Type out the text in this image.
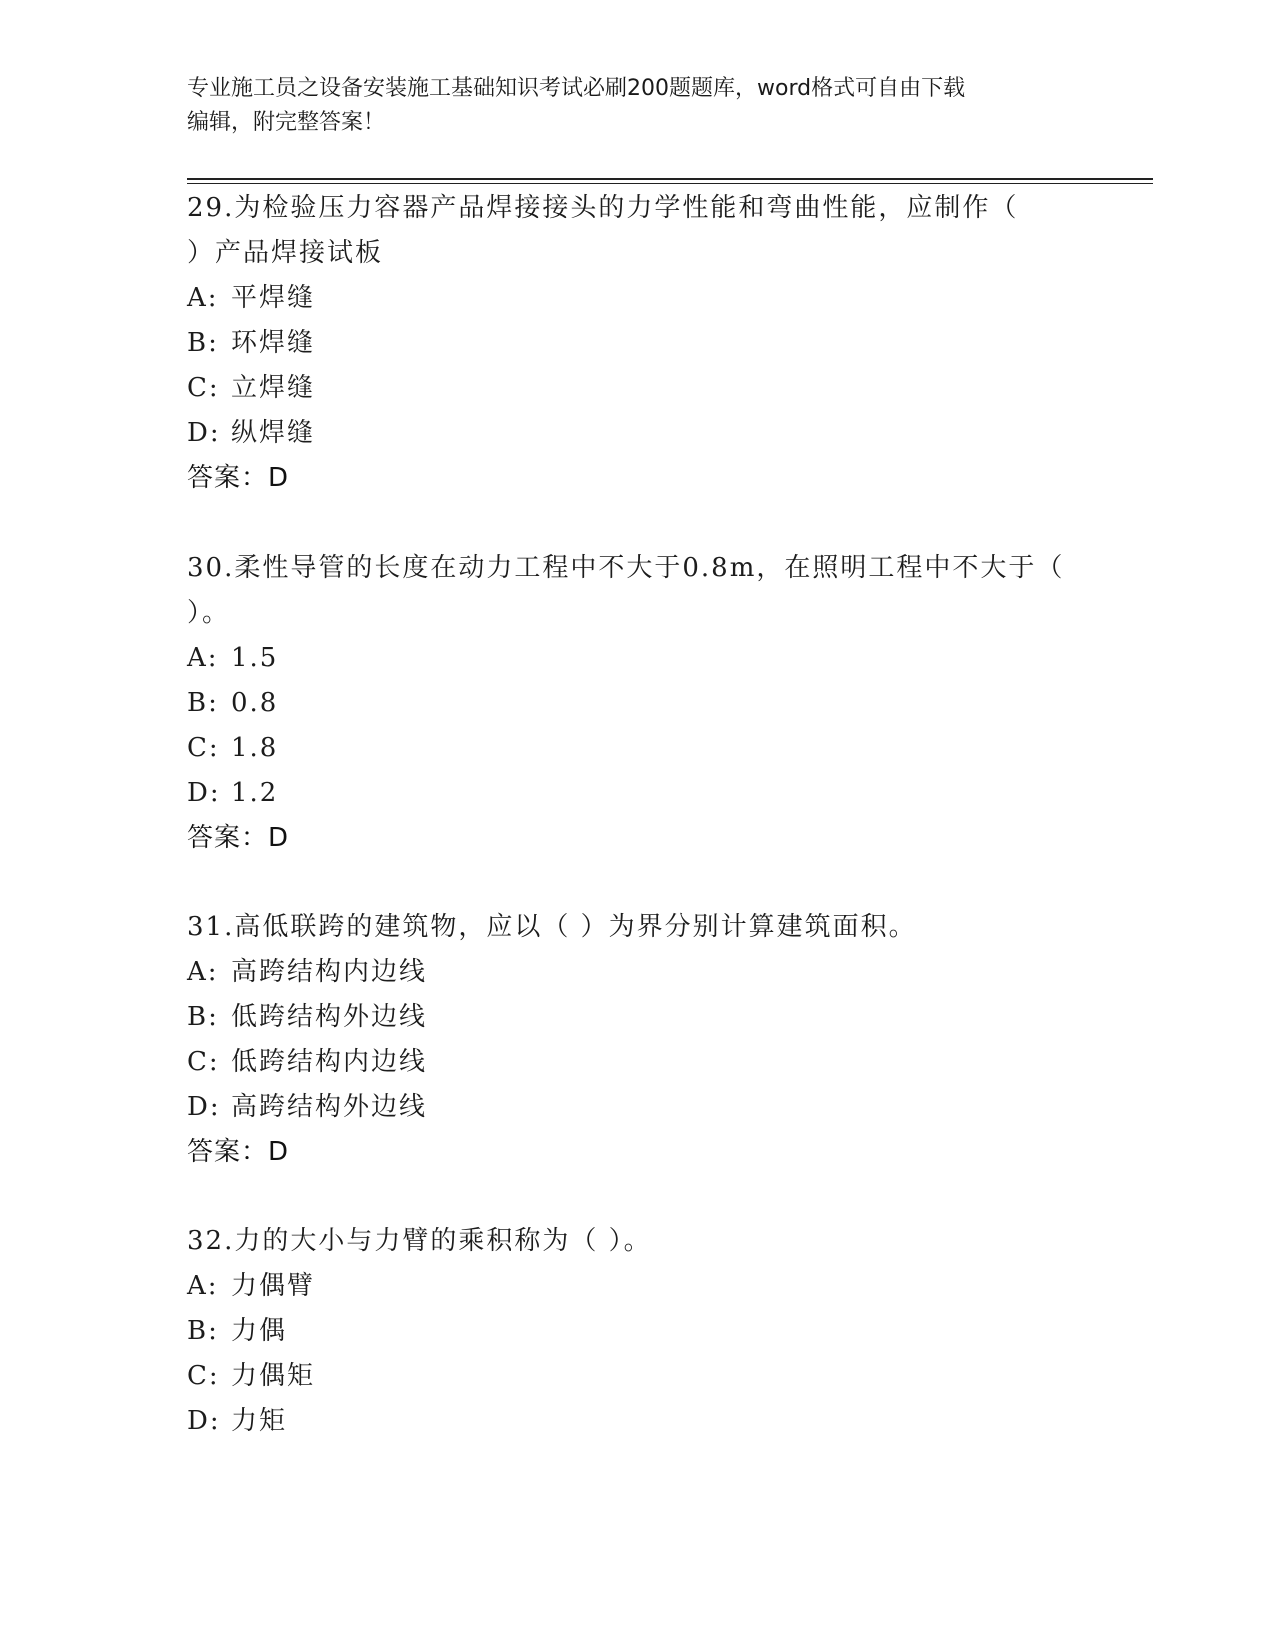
专业施工员之设备安装施工基础知识考试必刷200题题库，word格式可自由下载
编辑，附完整答案！
29.为检验压力容器产品焊接接头的力学性能和弯曲性能，应制作（
）产品焊接试板
A: 平焊缝
B: 环焊缝
C: 立焊缝
D: 纵焊缝
答案：D
30.柔性导管的长度在动力工程中不大于0.8m，在照明工程中不大于（
）。
A: 1.5
B: 0.8
C: 1.8
D: 1.2
答案：D
31.高低联跨的建筑物，应以（ ）为界分别计算建筑面积。
A: 高跨结构内边线
B: 低跨结构外边线
C: 低跨结构内边线
D: 高跨结构外边线
答案：D
32.力的大小与力臂的乘积称为（ ）。
A: 力偶臂
B: 力偶
C: 力偶矩
D: 力矩
